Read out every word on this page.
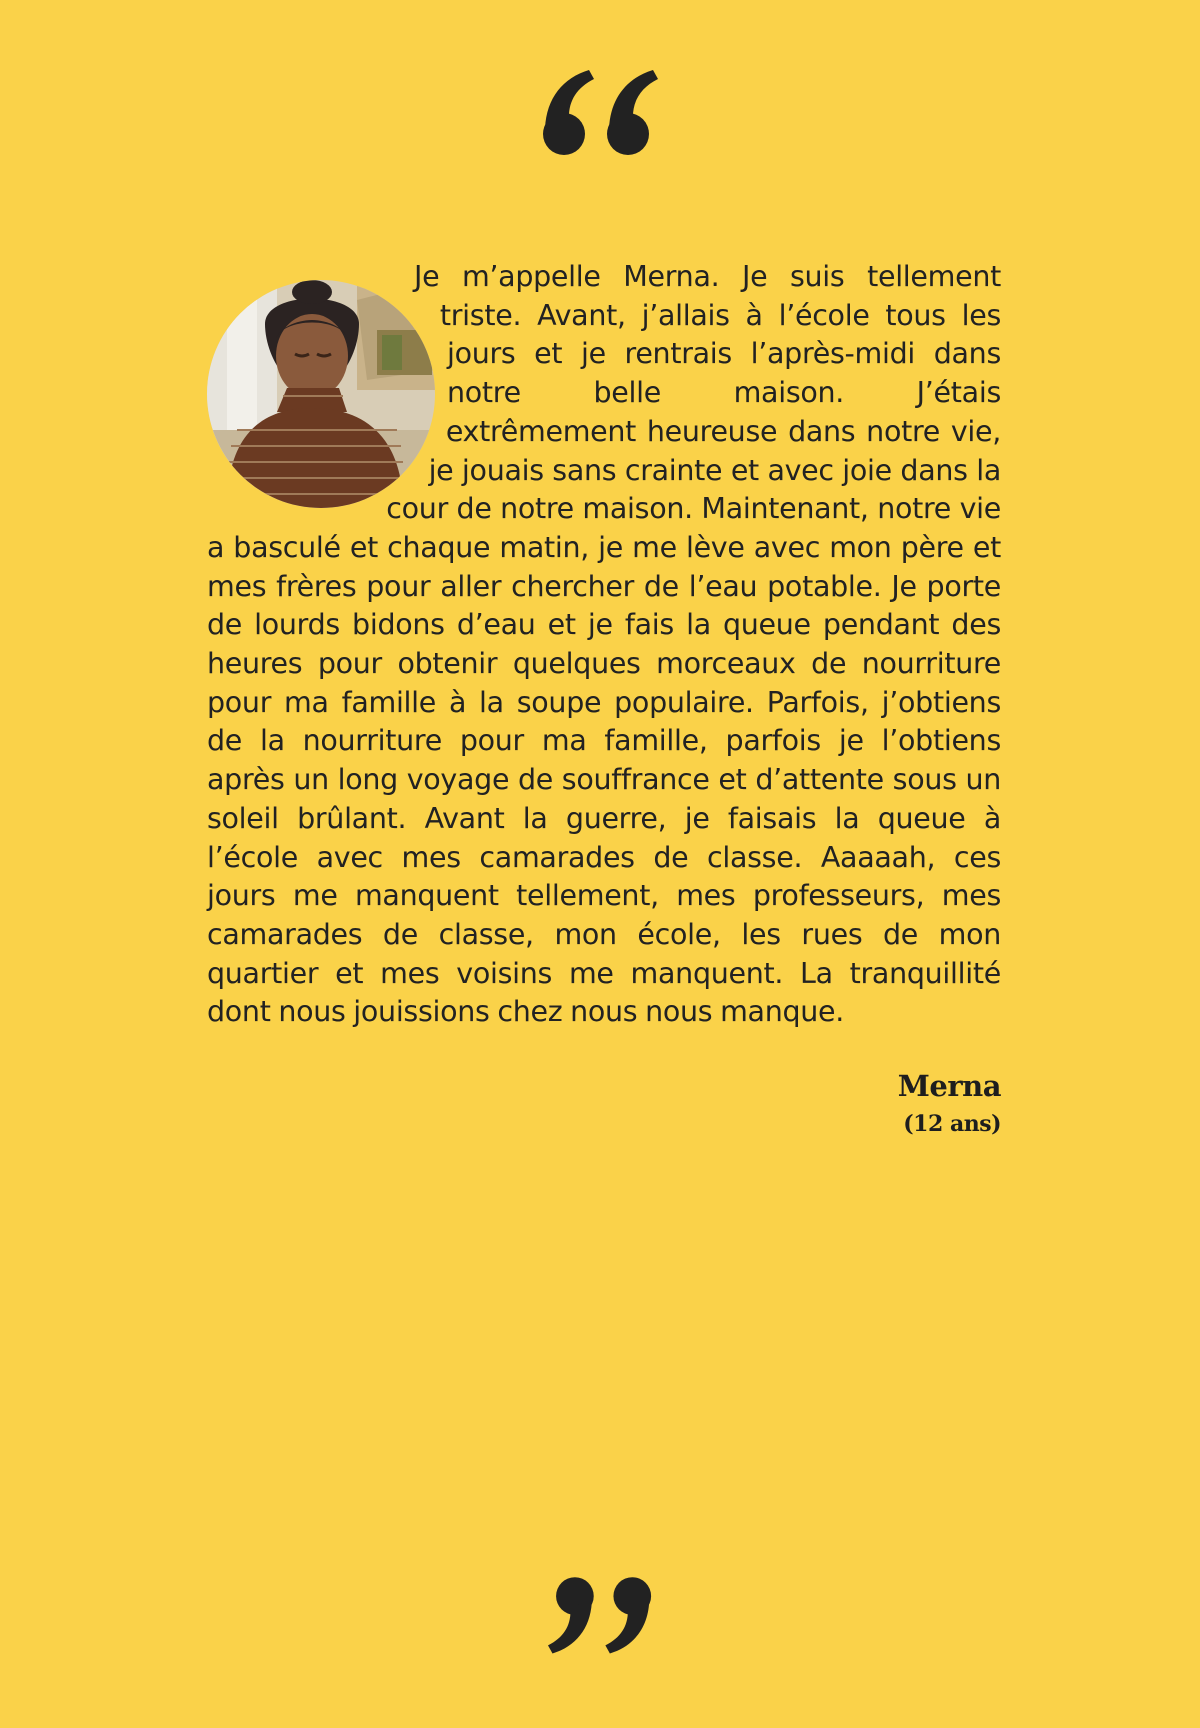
Je m’appelle Merna. Je suis tellement triste. Avant, j’allais à l’école tous les jours et je rentrais l’après-midi dans notre belle maison. J’étais extrêmement heureuse dans notre vie, je jouais sans crainte et avec joie dans la cour de notre maison. Maintenant, notre vie a basculé et chaque matin, je me lève avec mon père et mes frères pour aller chercher de l’eau potable. Je porte de lourds bidons d’eau et je fais la queue pendant des heures pour obtenir quelques morceaux de nourriture pour ma famille à la soupe populaire. Parfois, j’obtiens de la nourriture pour ma famille, parfois je l’obtiens après un long voyage de souffrance et d’attente sous un soleil brûlant. Avant la guerre, je faisais la queue à l’école avec mes camarades de classe. Aaaaah, ces jours me manquent tellement, mes professeurs, mes camarades de classe, mon école, les rues de mon quartier et mes voisins me manquent. La tranquillité dont nous jouissions chez nous nous manque.

Merna
(12 ans)
